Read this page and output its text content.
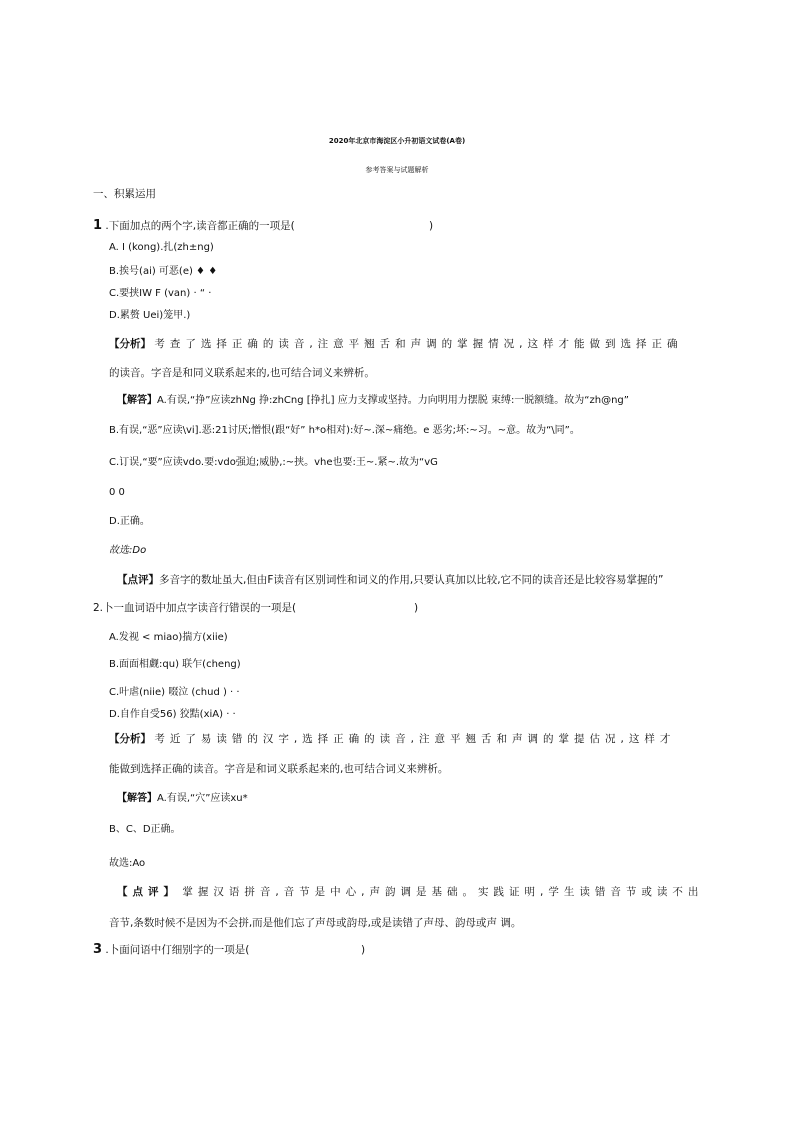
2020年北京市海淀区小升初语文试卷(A卷)
参考答案与试题解析
一、积累运用
1 .下面加点的两个字,读音都正确的一项是(	)
A. I (kong).扎(zh±ng)
B.挨号(ai) 可恶(e) ♦ ♦
C.要挟IW F (van) · “ ·
D.累赘 Uei)笼甲.)
【分析】 考查了选择正确的读音,注意平翘舌和声调的掌握情况,这样才能做到选择正确
的读音。字音是和同义联系起来的,也可结合词义来辨析。
【解答】A.有误,“挣”应读zhNg 挣:zhCng [挣扎] 应力支撑或坚持。力向明用力摆脱 束缚:一脱额缝。故为“zh@ng”
B.有误,“恶”应读\vi].恶:21讨厌;憎恨(跟“好” h*o相对):好~.深~痛绝。e 恶劣;坏:~习。~意。故为“\同”。
C.订误,“要”应读vdo.要:vdo强迫;威胁,:~挟。vhe也要:王~.紧~.故为“vG
0 0
D.正确。
故选:Do
【点评】多音字的数址虽大,但由F读音有区别词性和词义的作用,只要认真加以比较,它不同的读音还是比较容易掌握的”
2.卜一血词语中加点字读音行错误的一项是(	)
A.发视 < miao)揣方(xiie)
B.面面相觑:qu) 联乍(cheng)
C.叶虐(niie) 啜泣 (chud ) · ·
D.自作自受56) 狡黠(xiA) · ·
【分析】 考近了易读错的汉字,选择正确的读音,注意平翘舌和声调的掌提估况,这样才
能做到选择正确的读音。字音是和词义联系起来的,也可结合词义来辨析。
【解答】A.有误,“穴”应读xu*
B、C、D正确。
故选:Ao
【点评】 掌握汉语拼音,音节是中心,声韵调是基础。实践证明,学生读错音节或读不出
音节,条数时候不是因为不会拼,而是他们忘了声母或韵母,或是读错了声母、韵母或声 调。
3 .卜面问语中仃细别字的一项是(	)
